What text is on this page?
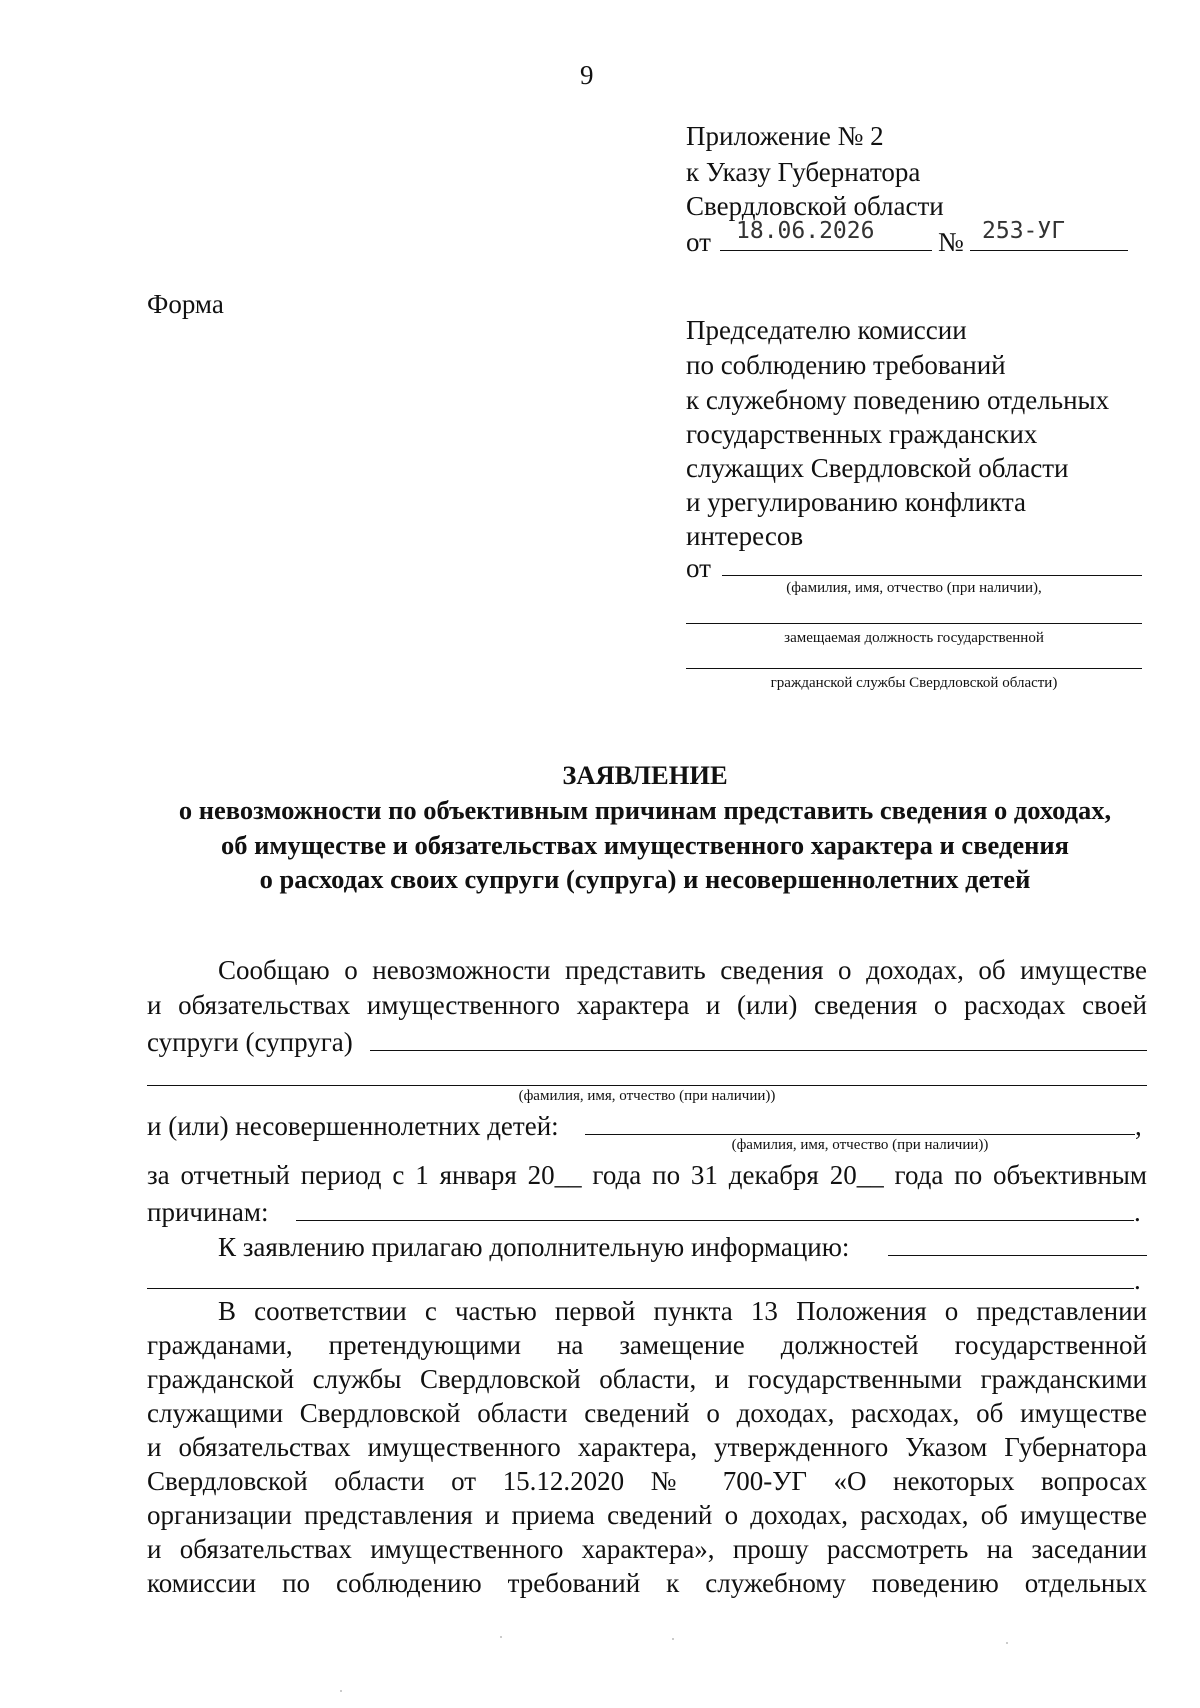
9
Приложение № 2
к Указу Губернатора
Свердловской области
от 18.06.2026 № 253-УГ
Форма
Председателю комиссии
по соблюдению требований
к служебному поведению отдельных
государственных гражданских
служащих Свердловской области
и урегулированию конфликта
интересов
от
(фамилия, имя, отчество (при наличии),
замещаемая должность государственной
гражданской службы Свердловской области)
ЗАЯВЛЕНИЕ
о невозможности по объективным причинам представить сведения о доходах,
об имуществе и обязательствах имущественного характера и сведения
о расходах своих супруги (супруга) и несовершеннолетних детей
Сообщаю о невозможности представить сведения о доходах, об имуществе
и обязательствах имущественного характера и (или) сведения о расходах своей
супруги (супруга)
(фамилия, имя, отчество (при наличии))
и (или) несовершеннолетних детей:	,
(фамилия, имя, отчество (при наличии))
за отчетный период с 1 января 20__ года по 31 декабря 20__ года по объективным
причинам:	.
К заявлению прилагаю дополнительную информацию:
.
В соответствии с частью первой пункта 13 Положения о представлении
гражданами, претендующими на замещение должностей государственной
гражданской службы Свердловской области, и государственными гражданскими
служащими Свердловской области сведений о доходах, расходах, об имуществе
и обязательствах имущественного характера, утвержденного Указом Губернатора
Свердловской области от 15.12.2020 № 700-УГ «О некоторых вопросах
организации представления и приема сведений о доходах, расходах, об имуществе
и обязательствах имущественного характера», прошу рассмотреть на заседании
комиссии по соблюдению требований к служебному поведению отдельных
